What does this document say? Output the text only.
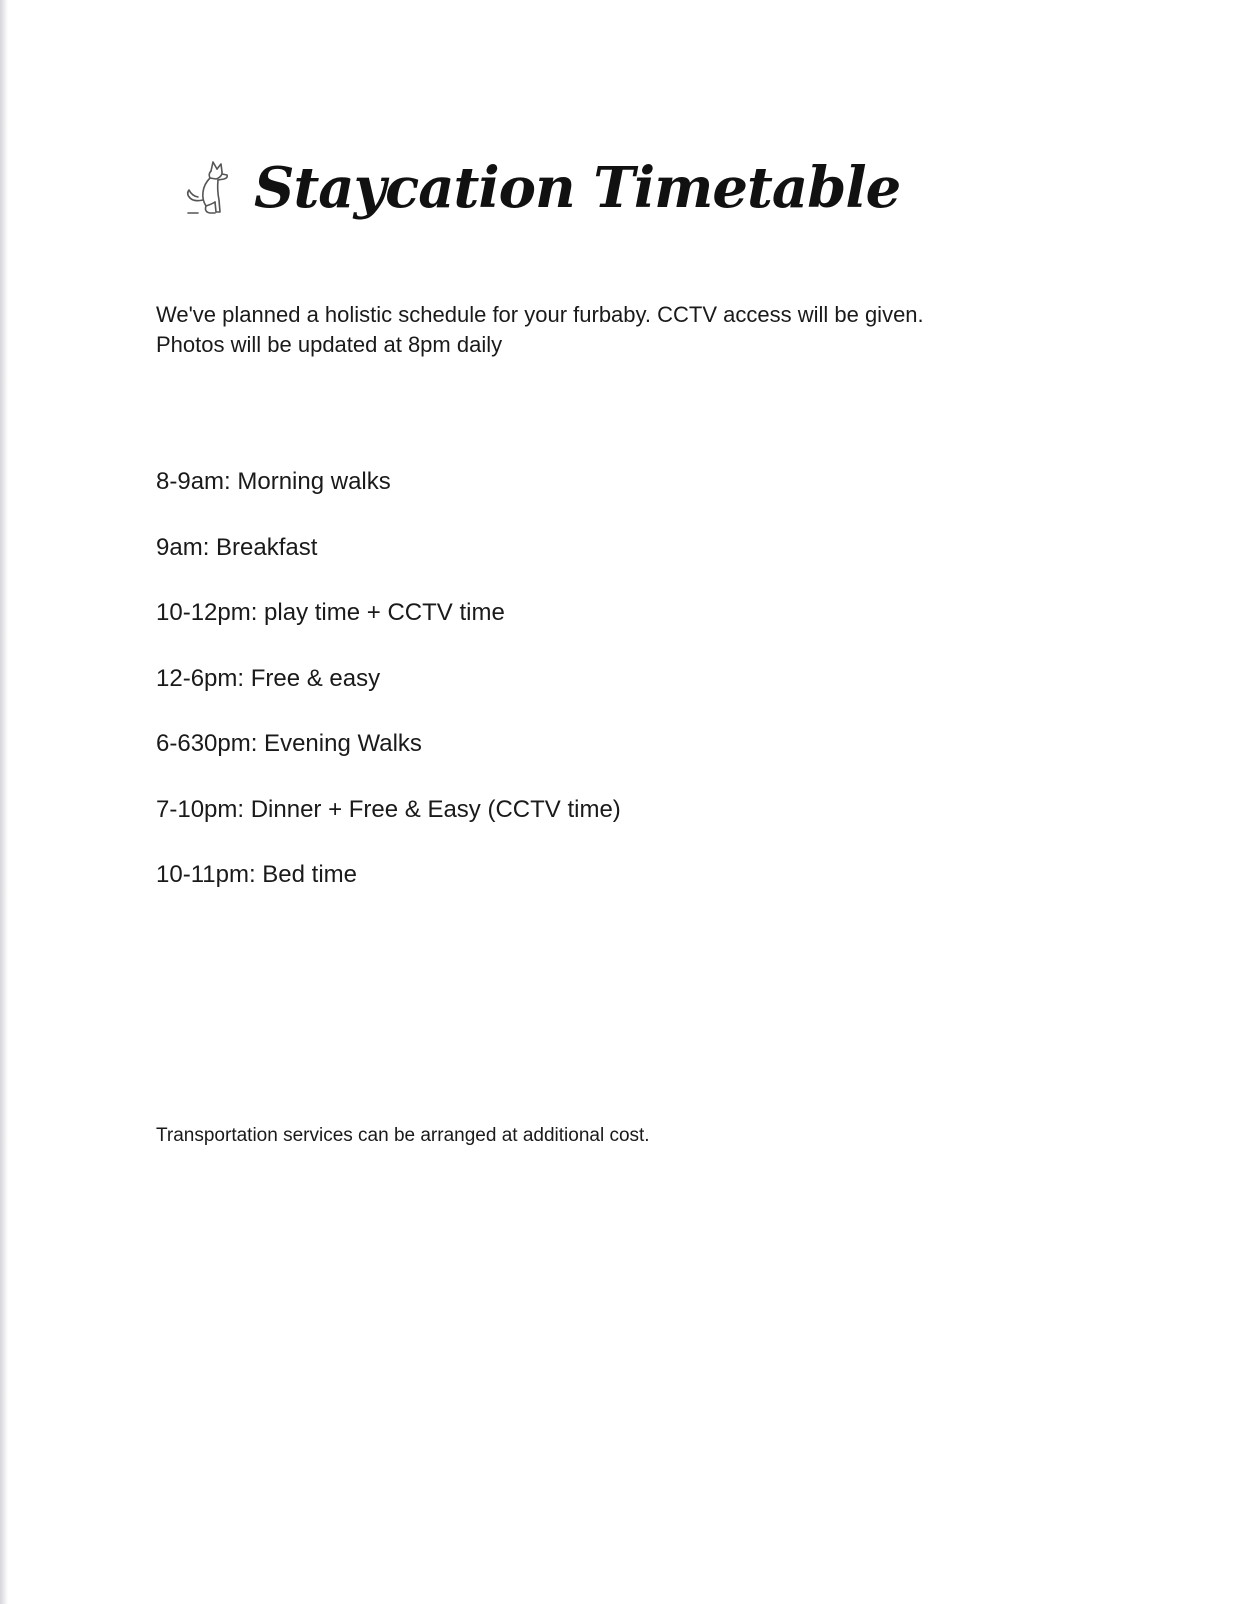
Staycation Timetable

We've planned a holistic schedule for your furbaby. CCTV access will be given.

Photos will be updated at 8pm daily

8-9am: Morning walks
9am: Breakfast
10-12pm: play time + CCTV time
12-6pm: Free & easy
6-630pm: Evening Walks
7-10pm: Dinner + Free & Easy (CCTV time)
10-11pm: Bed time
Transportation services can be arranged at additional cost.
